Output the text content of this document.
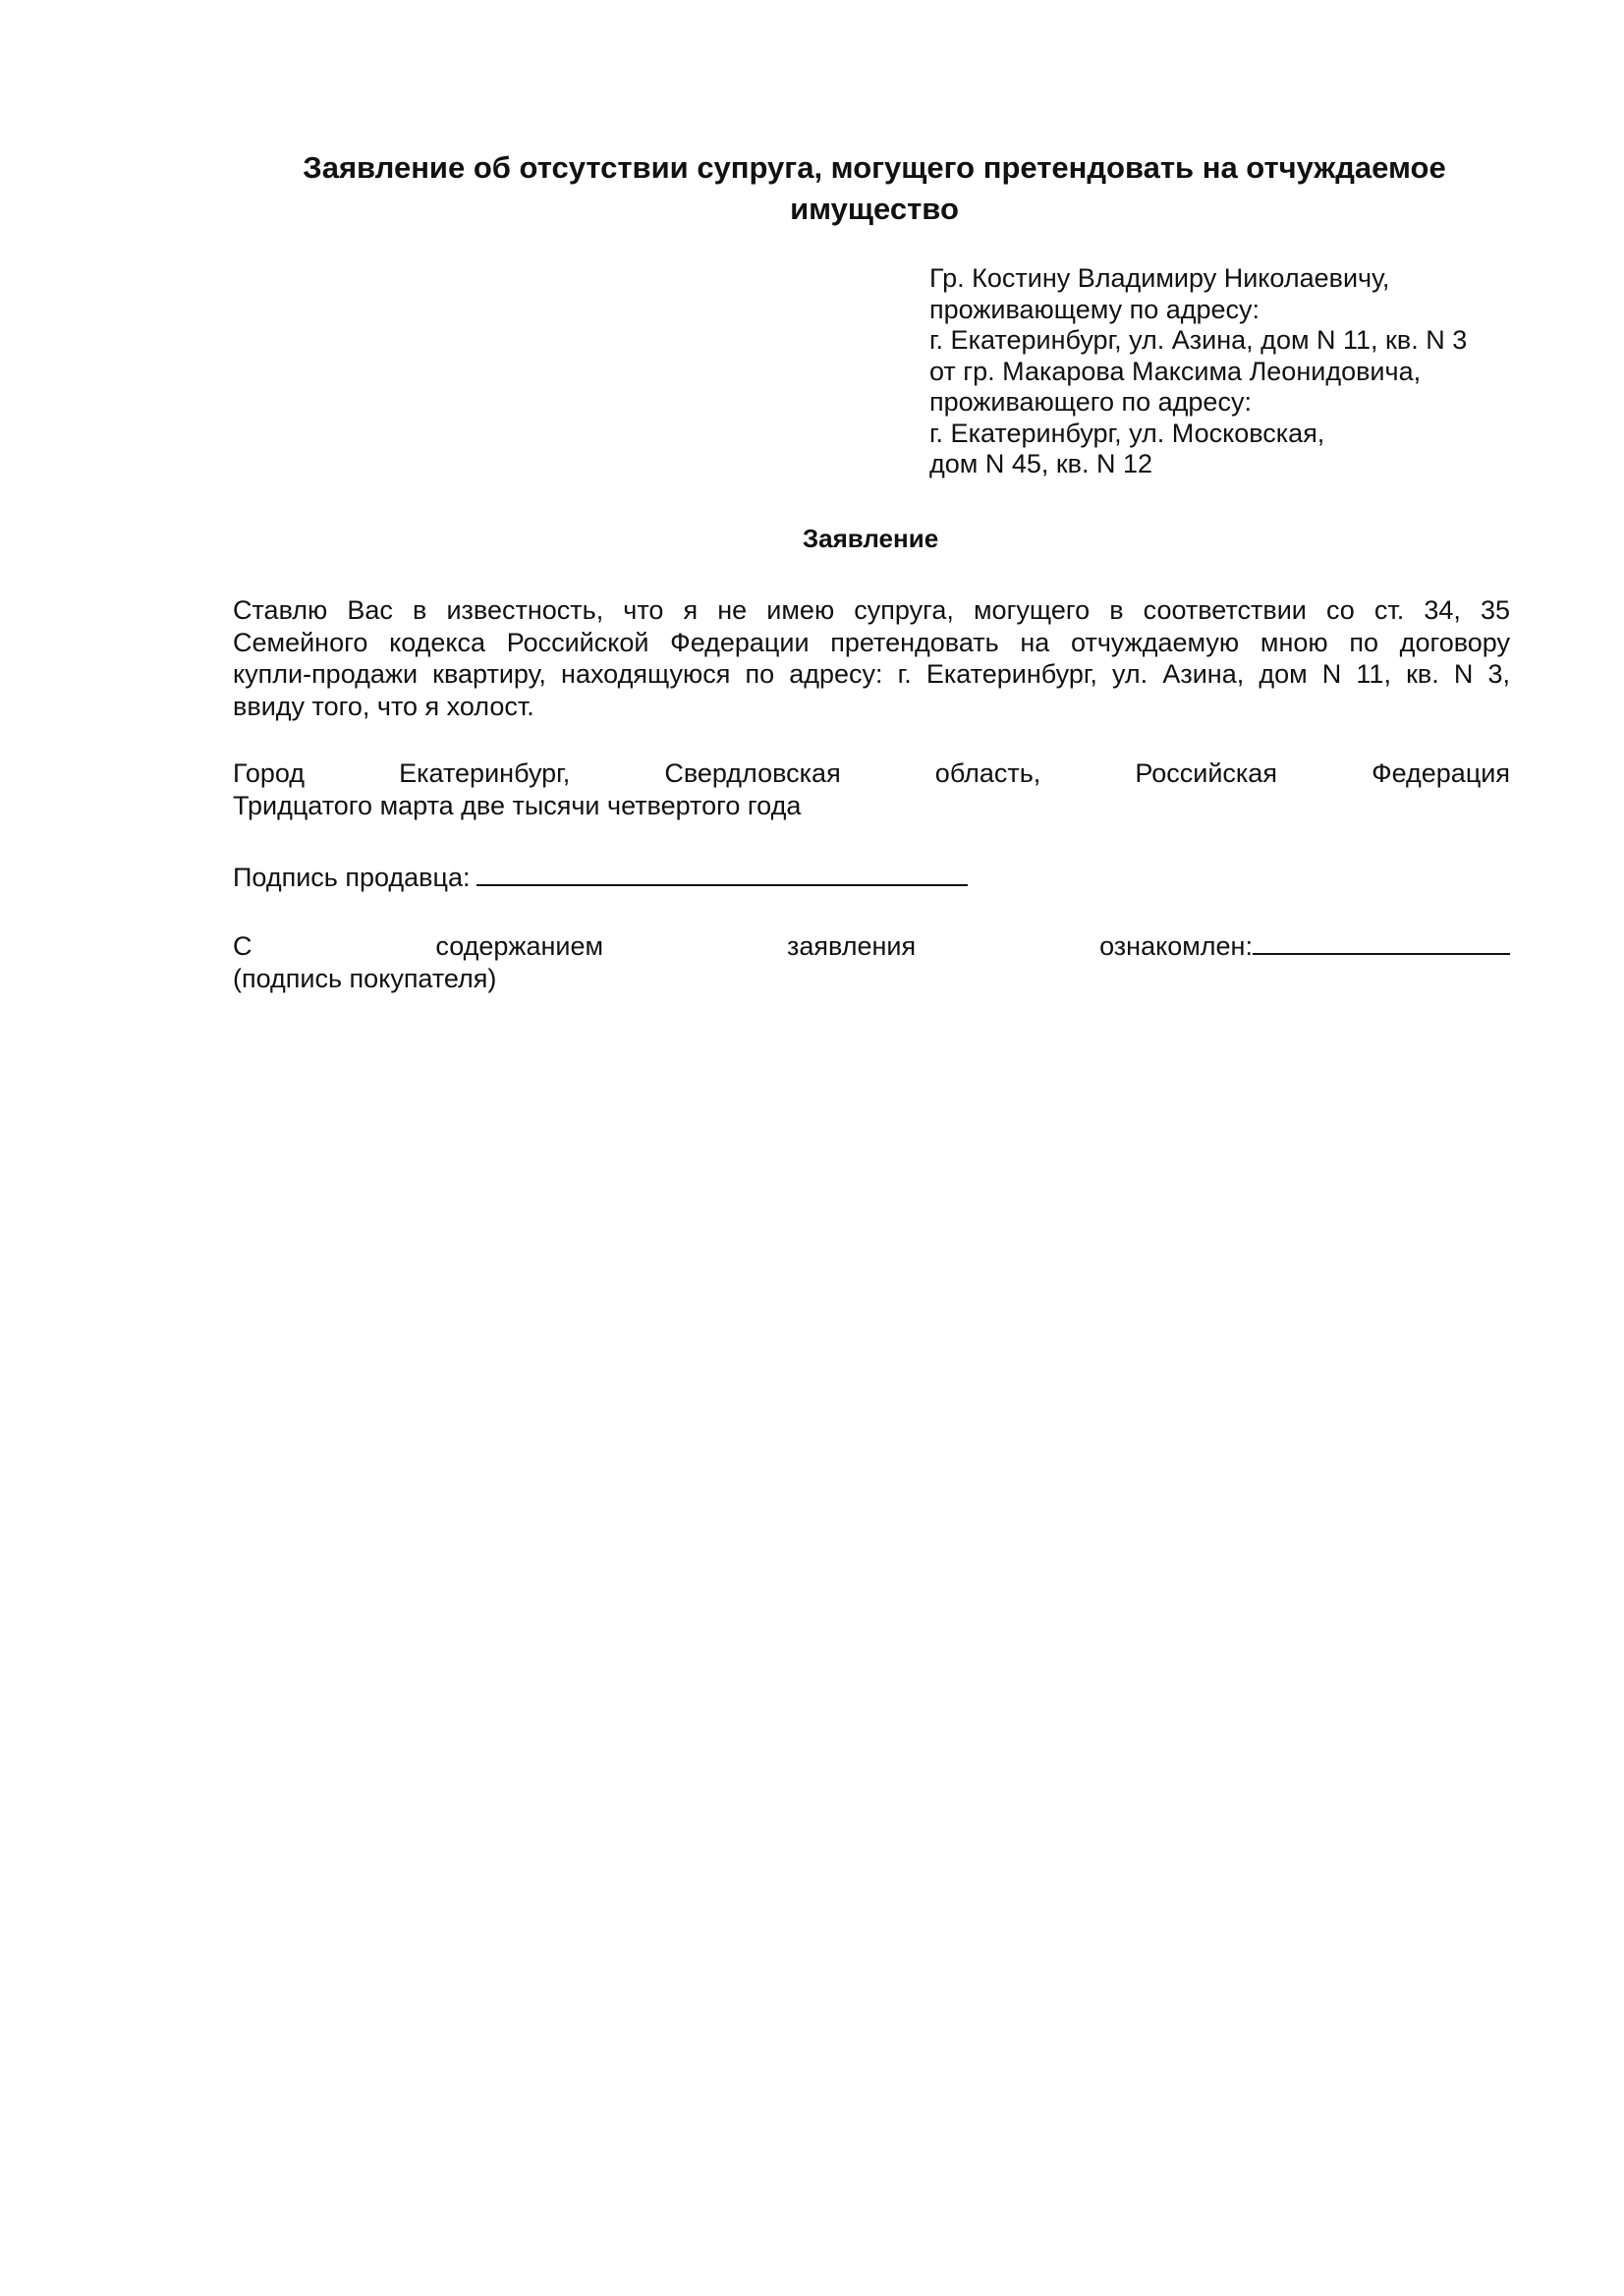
Заявление об отсутствии супруга, могущего претендовать на отчуждаемое имущество
Гр. Костину Владимиру Николаевичу,
проживающему по адресу:
г. Екатеринбург, ул. Азина, дом N 11, кв. N 3
от гр. Макарова Максима Леонидовича,
проживающего по адресу:
г. Екатеринбург, ул. Московская,
дом N 45, кв. N 12
Заявление
Ставлю Вас в известность, что я не имею супруга, могущего в соответствии со ст. 34, 35
Семейного кодекса Российской Федерации претендовать на отчуждаемую мною по договору
купли-продажи квартиру, находящуюся по адресу: г. Екатеринбург, ул. Азина, дом N 11, кв. N 3,
ввиду того, что я холост.
Город Екатеринбург, Свердловская область, Российская Федерация
Тридцатого марта две тысячи четвертого года
Подпись продавца:
С	содержанием	заявления	ознакомлен:
(подпись покупателя)
